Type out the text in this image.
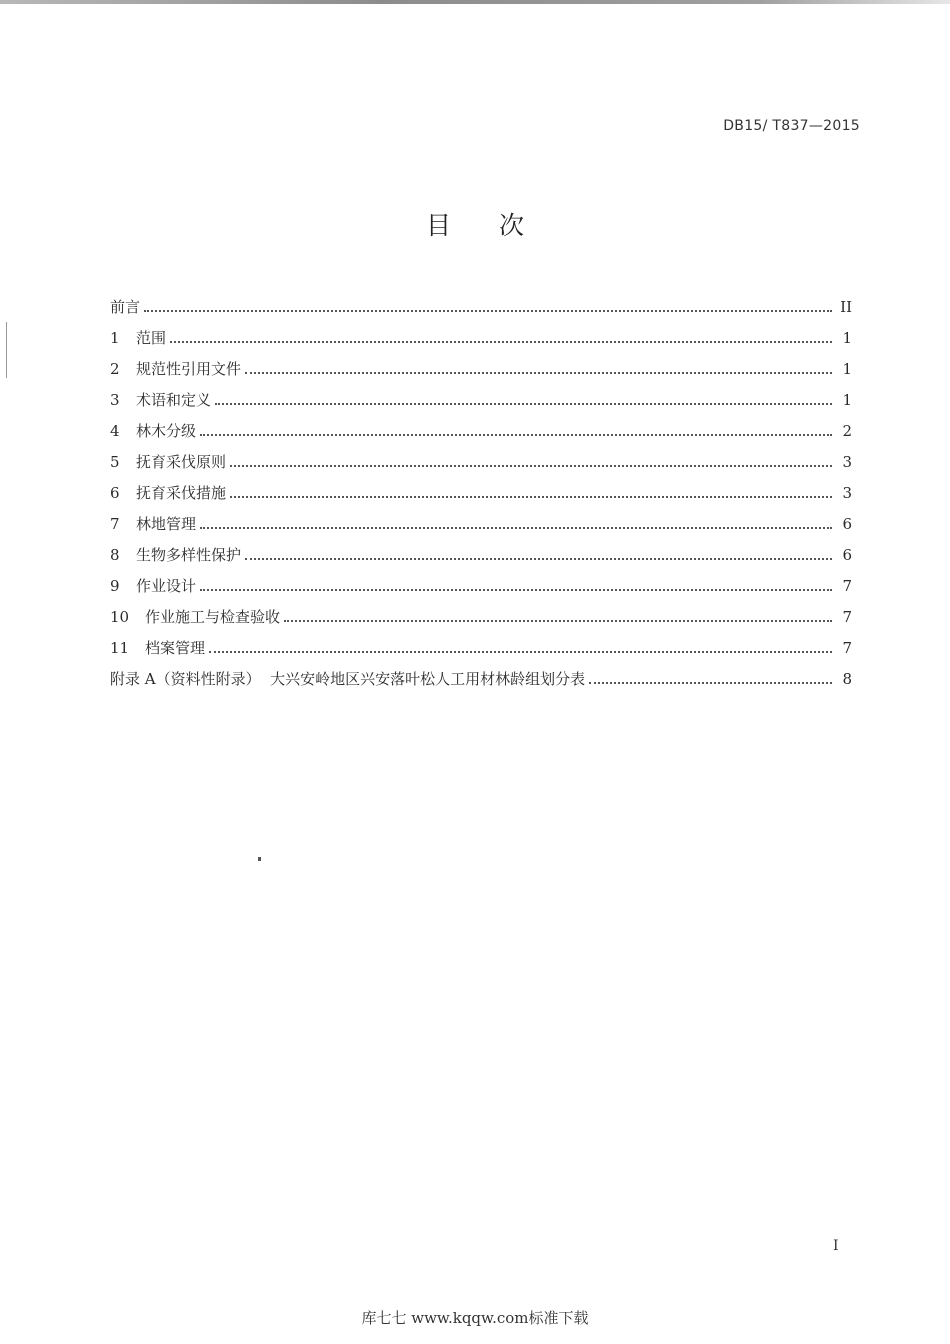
DB15/ T837—2015
目次
前言	II
1	范围	1
2	规范性引用文件	1
3	术语和定义	1
4	林木分级	2
5	抚育采伐原则	3
6	抚育采伐措施	3
7	林地管理	6
8	生物多样性保护	6
9	作业设计	7
10	作业施工与检查验收	7
11	档案管理	7
附录 A（资料性附录）  大兴安岭地区兴安落叶松人工用材林龄组划分表	8
I
库七七 www.kqqw.com标准下载
